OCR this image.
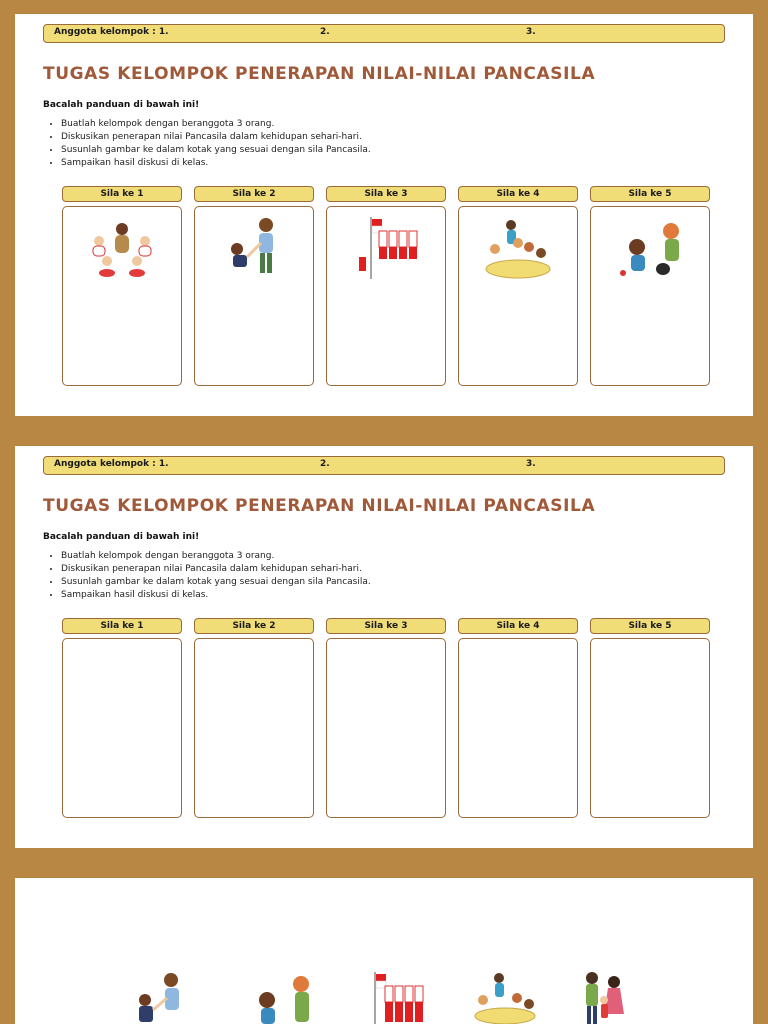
Anggota kelompok : 1.	2.	3.
TUGAS KELOMPOK PENERAPAN NILAI-NILAI PANCASILA
Bacalah panduan di bawah ini!
• Buatlah kelompok dengan beranggota 3 orang.
• Diskusikan penerapan nilai Pancasila dalam kehidupan sehari-hari.
• Susunlah gambar ke dalam kotak yang sesuai dengan sila Pancasila.
• Sampaikan hasil diskusi di kelas.
Sila ke 1	Sila ke 2	Sila ke 3	Sila ke 4	Sila ke 5
Anggota kelompok : 1.	2.	3.
TUGAS KELOMPOK PENERAPAN NILAI-NILAI PANCASILA
Bacalah panduan di bawah ini!
• Buatlah kelompok dengan beranggota 3 orang.
• Diskusikan penerapan nilai Pancasila dalam kehidupan sehari-hari.
• Susunlah gambar ke dalam kotak yang sesuai dengan sila Pancasila.
• Sampaikan hasil diskusi di kelas.
Sila ke 1	Sila ke 2	Sila ke 3	Sila ke 4	Sila ke 5
